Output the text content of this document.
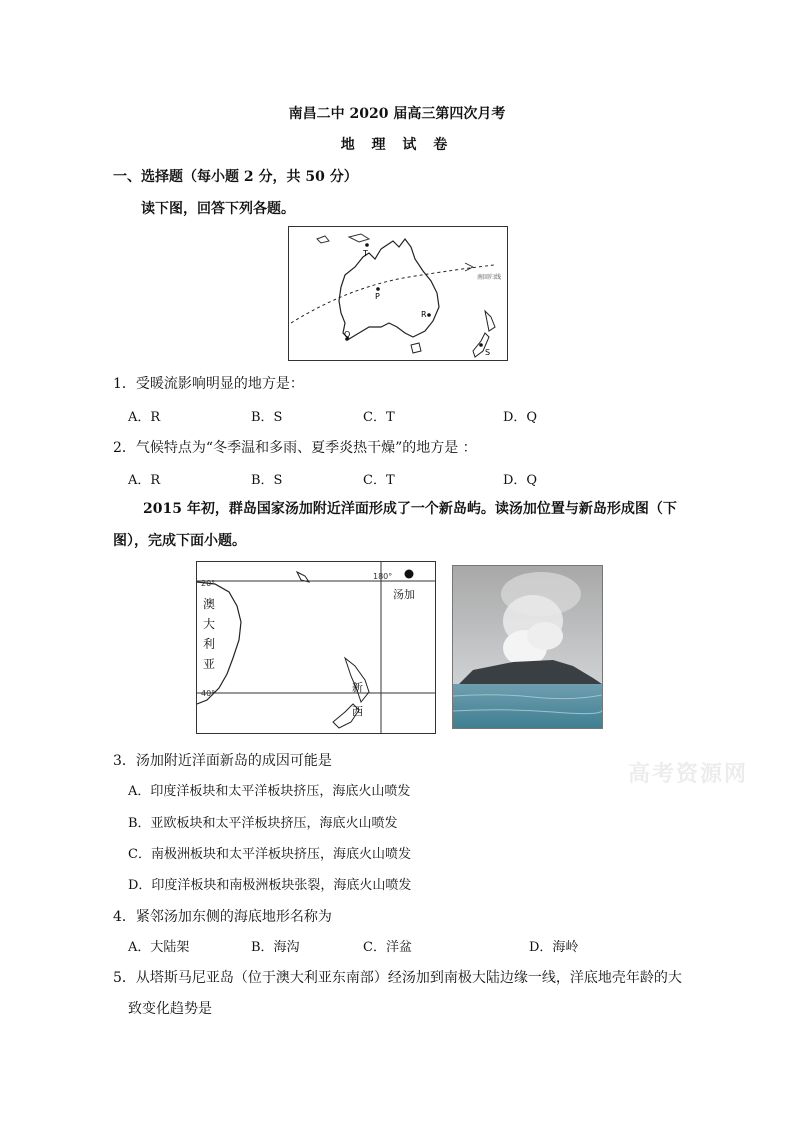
南昌二中 2020 届高三第四次月考
地 理 试 卷
一、选择题（每小题 2 分，共 50 分）
读下图，回答下列各题。
南回归线
T
P
R
Q
S
1．受暖流影响明显的地方是：
A．R	B．S	C．T	D．Q
2．气候特点为“冬季温和多雨、夏季炎热干燥”的地方是 ：
A．R	B．S	C．T	D．Q
2015 年初，群岛国家汤加附近洋面形成了一个新岛屿。读汤加位置与新岛形成图（下
图），完成下面小题。
20°
40°
180°
汤加
澳
大
利
亚
新
西
3．汤加附近洋面新岛的成因可能是
A．印度洋板块和太平洋板块挤压，海底火山喷发
B．亚欧板块和太平洋板块挤压，海底火山喷发
C．南极洲板块和太平洋板块挤压，海底火山喷发
D．印度洋板块和南极洲板块张裂，海底火山喷发
4．紧邻汤加东侧的海底地形名称为
A．大陆架	B．海沟	C．洋盆	D．海岭
5．从塔斯马尼亚岛（位于澳大利亚东南部）经汤加到南极大陆边缘一线，洋底地壳年龄的大
致变化趋势是
高考资源网
